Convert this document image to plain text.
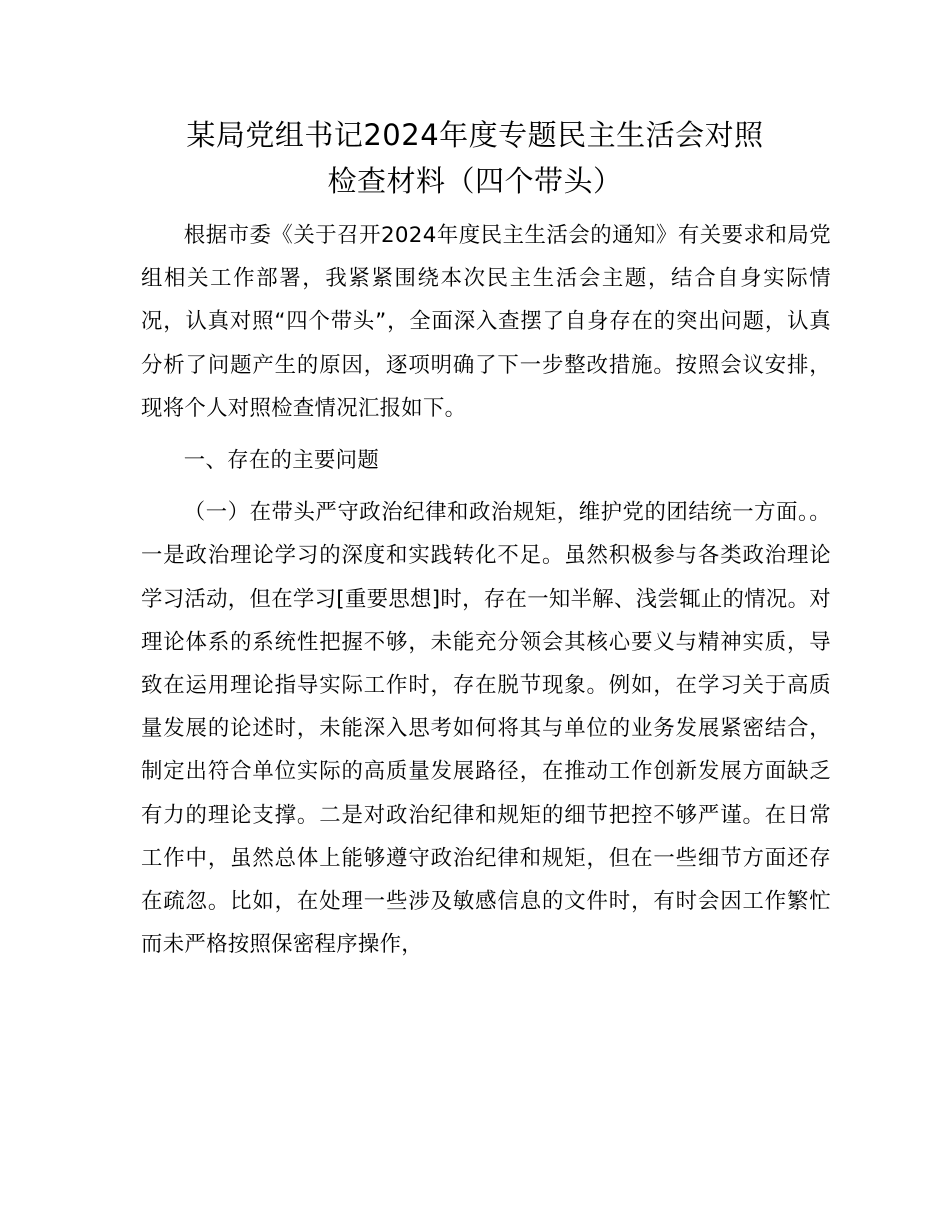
某局党组书记2024年度专题民主生活会对照
检查材料（四个带头）

根据市委《关于召开2024年度民主生活会的通知》有关要求和局党组相关工作部署，我紧紧围绕本次民主生活会主题，结合自身实际情况，认真对照“四个带头”，全面深入查摆了自身存在的突出问题，认真分析了问题产生的原因，逐项明确了下一步整改措施。按照会议安排，现将个人对照检查情况汇报如下。

一、存在的主要问题

（一）在带头严守政治纪律和政治规矩，维护党的团结统一方面。。一是政治理论学习的深度和实践转化不足。虽然积极参与各类政治理论学习活动，但在学习[重要思想]时，存在一知半解、浅尝辄止的情况。对理论体系的系统性把握不够，未能充分领会其核心要义与精神实质，导致在运用理论指导实际工作时，存在脱节现象。例如，在学习关于高质量发展的论述时，未能深入思考如何将其与单位的业务发展紧密结合，制定出符合单位实际的高质量发展路径，在推动工作创新发展方面缺乏有力的理论支撑。二是对政治纪律和规矩的细节把控不够严谨。在日常工作中，虽然总体上能够遵守政治纪律和规矩，但在一些细节方面还存在疏忽。比如，在处理一些涉及敏感信息的文件时，有时会因工作繁忙而未严格按照保密程序操作，
